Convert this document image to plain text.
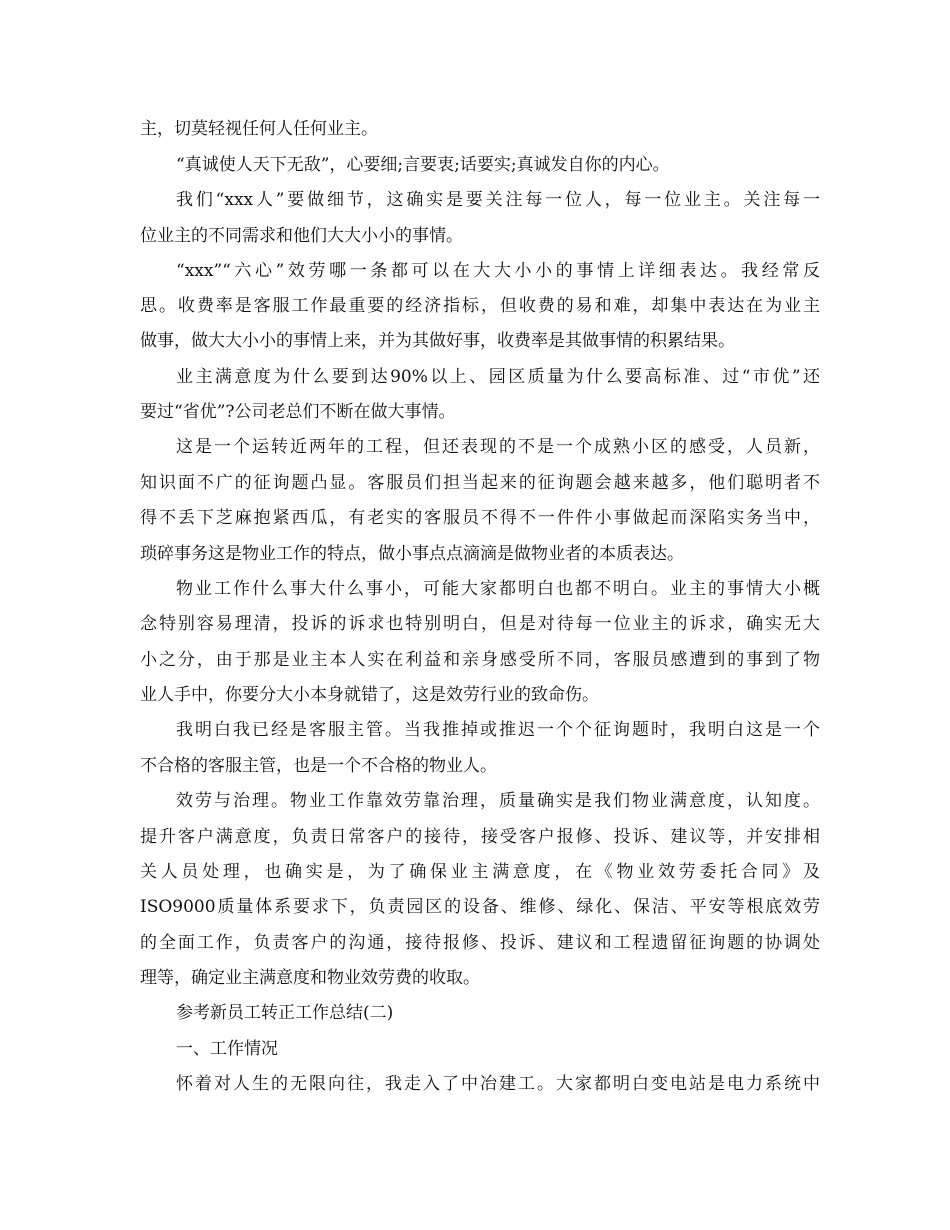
主，切莫轻视任何人任何业主。
“真诚使人天下无敌”，心要细;言要衷;话要实;真诚发自你的内心。
我们“xxx人”要做细节，这确实是要关注每一位人，每一位业主。关注每一
位业主的不同需求和他们大大小小的事情。
“xxx”“六心”效劳哪一条都可以在大大小小的事情上详细表达。我经常反
思。收费率是客服工作最重要的经济指标，但收费的易和难，却集中表达在为业主
做事，做大大小小的事情上来，并为其做好事，收费率是其做事情的积累结果。
业主满意度为什么要到达90%以上、园区质量为什么要高标准、过“市优”还
要过“省优”?公司老总们不断在做大事情。
这是一个运转近两年的工程，但还表现的不是一个成熟小区的感受，人员新，
知识面不广的征询题凸显。客服员们担当起来的征询题会越来越多，他们聪明者不
得不丢下芝麻抱紧西瓜，有老实的客服员不得不一件件小事做起而深陷实务当中，
琐碎事务这是物业工作的特点，做小事点点滴滴是做物业者的本质表达。
物业工作什么事大什么事小，可能大家都明白也都不明白。业主的事情大小概
念特别容易理清，投诉的诉求也特别明白，但是对待每一位业主的诉求，确实无大
小之分，由于那是业主本人实在利益和亲身感受所不同，客服员感遭到的事到了物
业人手中，你要分大小本身就错了，这是效劳行业的致命伤。
我明白我已经是客服主管。当我推掉或推迟一个个征询题时，我明白这是一个
不合格的客服主管，也是一个不合格的物业人。
效劳与治理。物业工作靠效劳靠治理，质量确实是我们物业满意度，认知度。
提升客户满意度，负责日常客户的接待，接受客户报修、投诉、建议等，并安排相
关人员处理，也确实是，为了确保业主满意度，在《物业效劳委托合同》及
ISO9000质量体系要求下，负责园区的设备、维修、绿化、保洁、平安等根底效劳
的全面工作，负责客户的沟通，接待报修、投诉、建议和工程遗留征询题的协调处
理等，确定业主满意度和物业效劳费的收取。
参考新员工转正工作总结(二)
一、工作情况
怀着对人生的无限向往，我走入了中冶建工。大家都明白变电站是电力系统中
